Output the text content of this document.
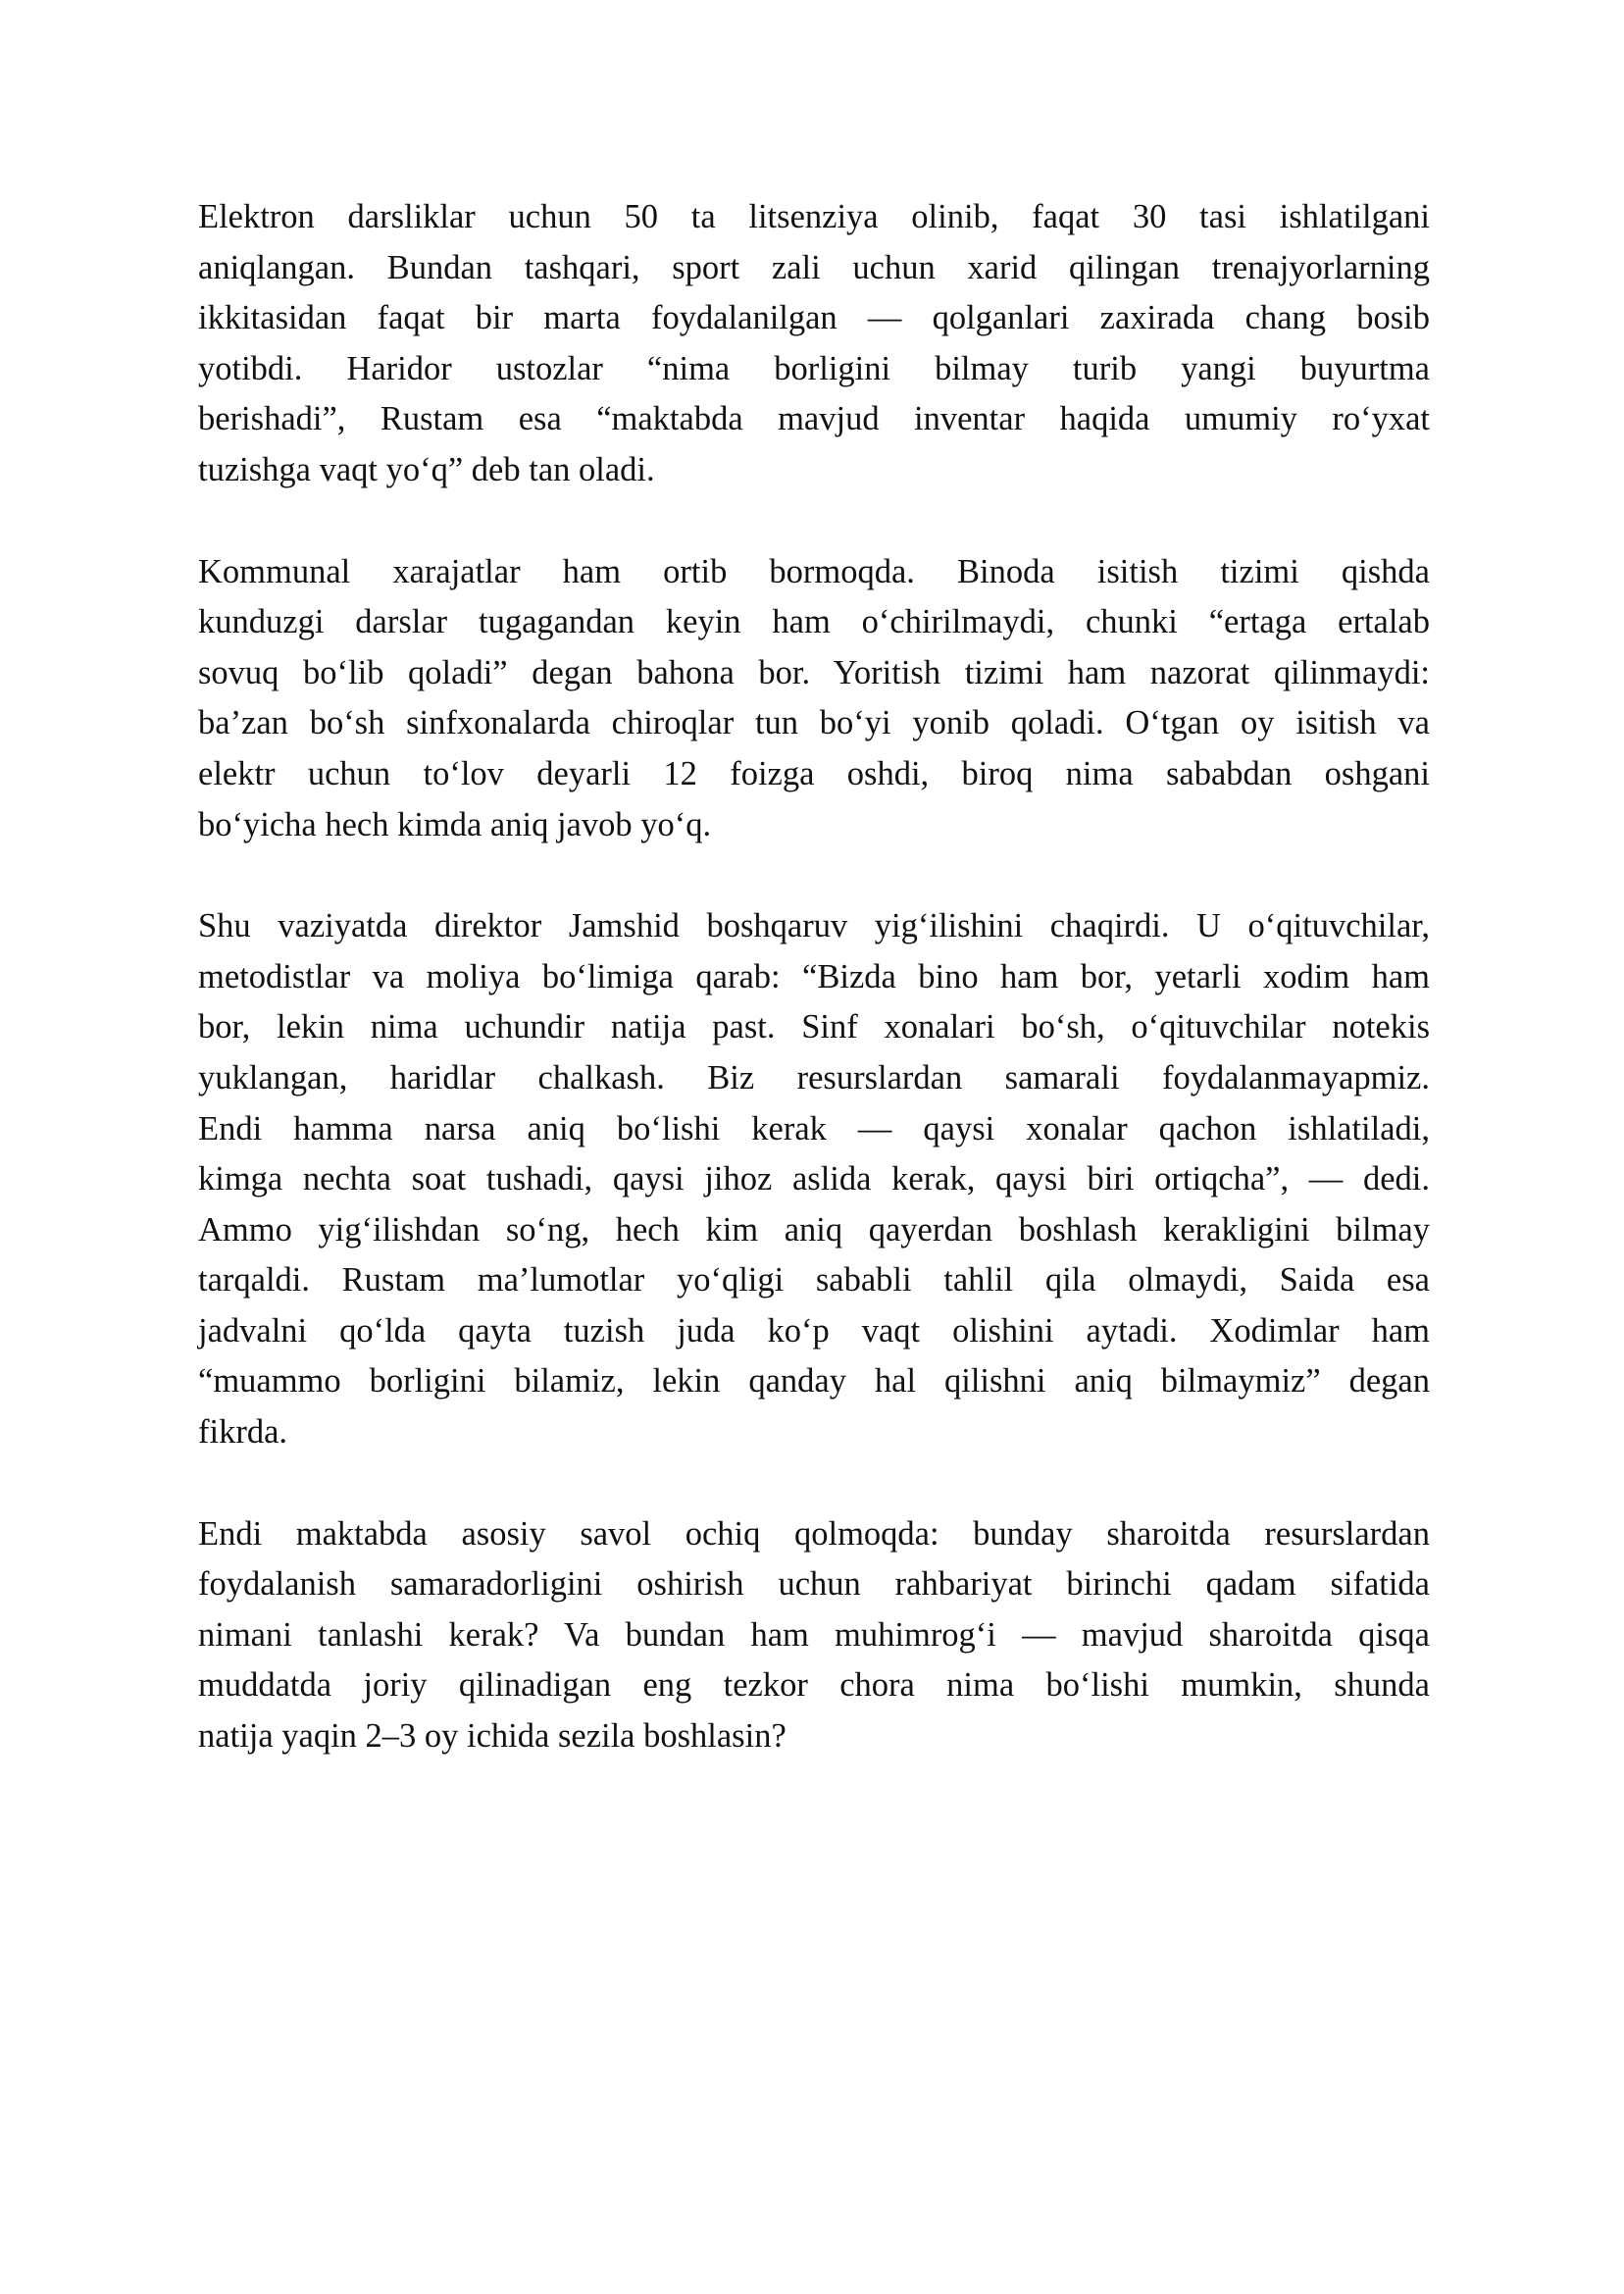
Elektron darsliklar uchun 50 ta litsenziya olinib, faqat 30 tasi ishlatilgani
aniqlangan. Bundan tashqari, sport zali uchun xarid qilingan trenajyorlarning
ikkitasidan faqat bir marta foydalanilgan — qolganlari zaxirada chang bosib
yotibdi. Haridor ustozlar “nima borligini bilmay turib yangi buyurtma
berishadi”, Rustam esa “maktabda mavjud inventar haqida umumiy ro‘yxat
tuzishga vaqt yo‘q” deb tan oladi.
Kommunal xarajatlar ham ortib bormoqda. Binoda isitish tizimi qishda
kunduzgi darslar tugagandan keyin ham o‘chirilmaydi, chunki “ertaga ertalab
sovuq bo‘lib qoladi” degan bahona bor. Yoritish tizimi ham nazorat qilinmaydi:
ba’zan bo‘sh sinfxonalarda chiroqlar tun bo‘yi yonib qoladi. O‘tgan oy isitish va
elektr uchun to‘lov deyarli 12 foizga oshdi, biroq nima sababdan oshgani
bo‘yicha hech kimda aniq javob yo‘q.
Shu vaziyatda direktor Jamshid boshqaruv yig‘ilishini chaqirdi. U o‘qituvchilar,
metodistlar va moliya bo‘limiga qarab: “Bizda bino ham bor, yetarli xodim ham
bor, lekin nima uchundir natija past. Sinf xonalari bo‘sh, o‘qituvchilar notekis
yuklangan, haridlar chalkash. Biz resurslardan samarali foydalanmayapmiz.
Endi hamma narsa aniq bo‘lishi kerak — qaysi xonalar qachon ishlatiladi,
kimga nechta soat tushadi, qaysi jihoz aslida kerak, qaysi biri ortiqcha”, — dedi.
Ammo yig‘ilishdan so‘ng, hech kim aniq qayerdan boshlash kerakligini bilmay
tarqaldi. Rustam ma’lumotlar yo‘qligi sababli tahlil qila olmaydi, Saida esa
jadvalni qo‘lda qayta tuzish juda ko‘p vaqt olishini aytadi. Xodimlar ham
“muammo borligini bilamiz, lekin qanday hal qilishni aniq bilmaymiz” degan
fikrda.
Endi maktabda asosiy savol ochiq qolmoqda: bunday sharoitda resurslardan
foydalanish samaradorligini oshirish uchun rahbariyat birinchi qadam sifatida
nimani tanlashi kerak? Va bundan ham muhimrog‘i — mavjud sharoitda qisqa
muddatda joriy qilinadigan eng tezkor chora nima bo‘lishi mumkin, shunda
natija yaqin 2–3 oy ichida sezila boshlasin?
